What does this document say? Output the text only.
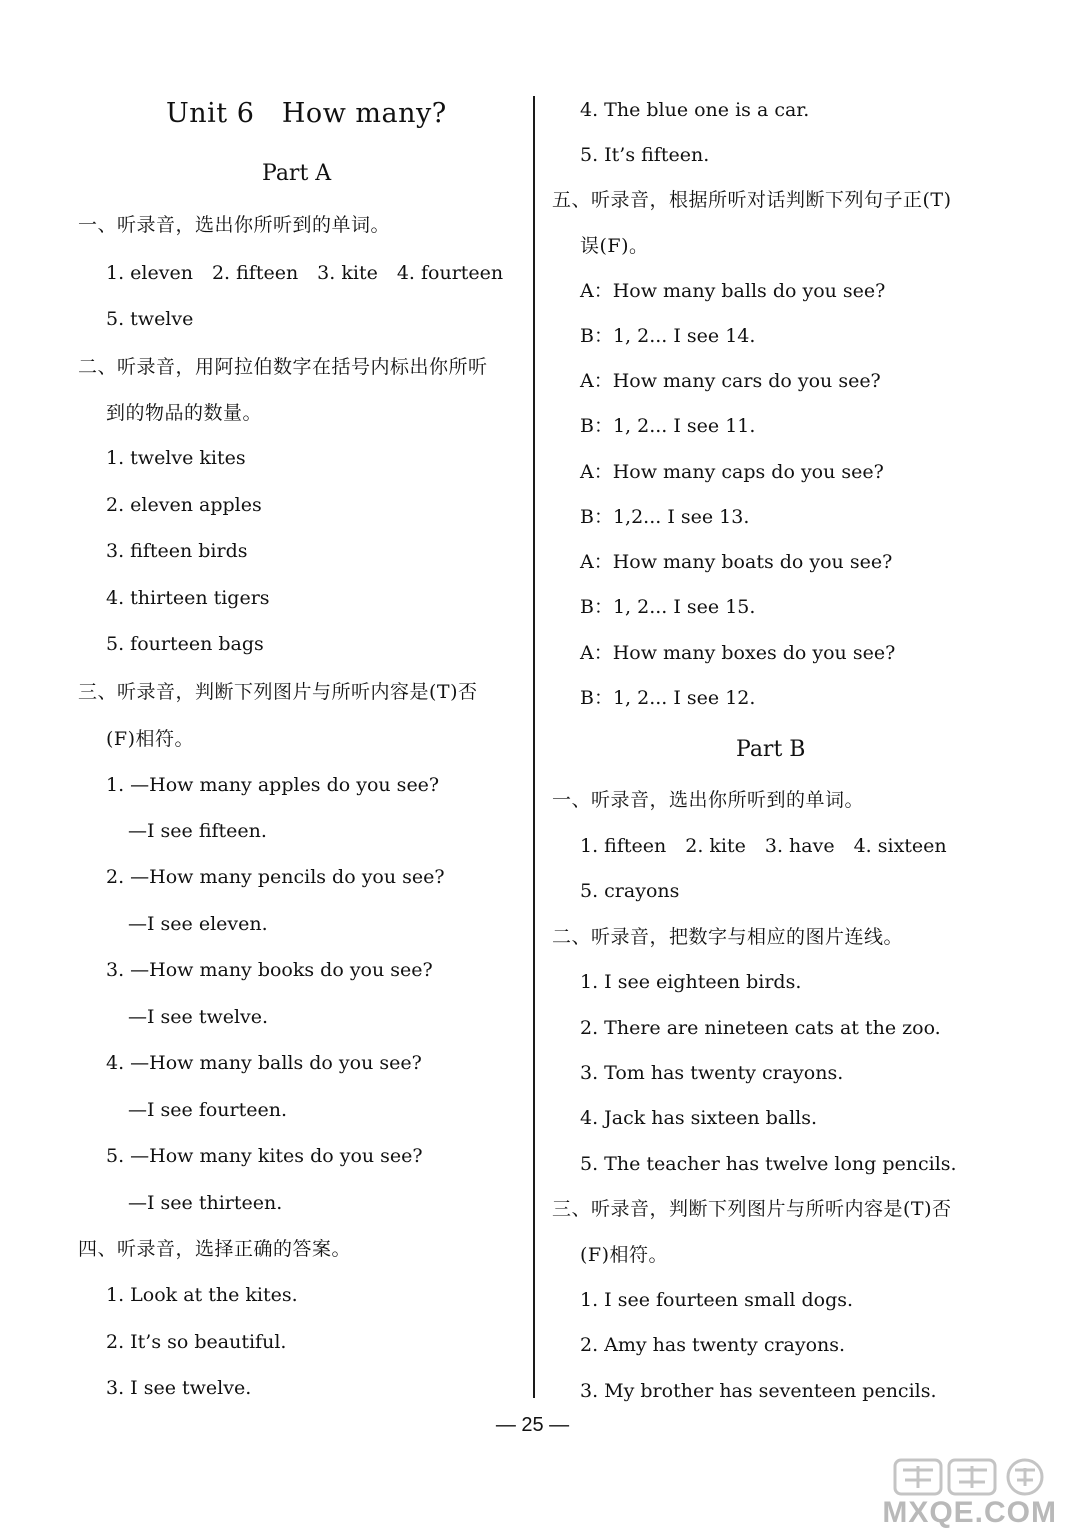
Unit 6　How many?
Part A
一、听录音，选出你所听到的单词。
1. eleven　2. fifteen　3. kite　4. fourteen
5. twelve
二、听录音，用阿拉伯数字在括号内标出你所听
到的物品的数量。
1. twelve kites
2. eleven apples
3. fifteen birds
4. thirteen tigers
5. fourteen bags
三、听录音，判断下列图片与所听内容是(T)否
(F)相符。
1. —How many apples do you see?
—I see fifteen.
2. —How many pencils do you see?
—I see eleven.
3. —How many books do you see?
—I see twelve.
4. —How many balls do you see?
—I see fourteen.
5. —How many kites do you see?
—I see thirteen.
四、听录音，选择正确的答案。
1. Look at the kites.
2. It’s so beautiful.
3. I see twelve.
4. The blue one is a car.
5. It’s fifteen.
五、听录音，根据所听对话判断下列句子正(T)
误(F)。
A：How many balls do you see?
B：1, 2... I see 14.
A：How many cars do you see?
B：1, 2... I see 11.
A：How many caps do you see?
B：1,2... I see 13.
A：How many boats do you see?
B：1, 2... I see 15.
A：How many boxes do you see?
B：1, 2... I see 12.
Part B
一、听录音，选出你所听到的单词。
1. fifteen　2. kite　3. have　4. sixteen
5. crayons
二、听录音，把数字与相应的图片连线。
1. I see eighteen birds.
2. There are nineteen cats at the zoo.
3. Tom has twenty crayons.
4. Jack has sixteen balls.
5. The teacher has twelve long pencils.
三、听录音，判断下列图片与所听内容是(T)否
(F)相符。
1. I see fourteen small dogs.
2. Amy has twenty crayons.
3. My brother has seventeen pencils.
— 25 —
MXQE.COM
